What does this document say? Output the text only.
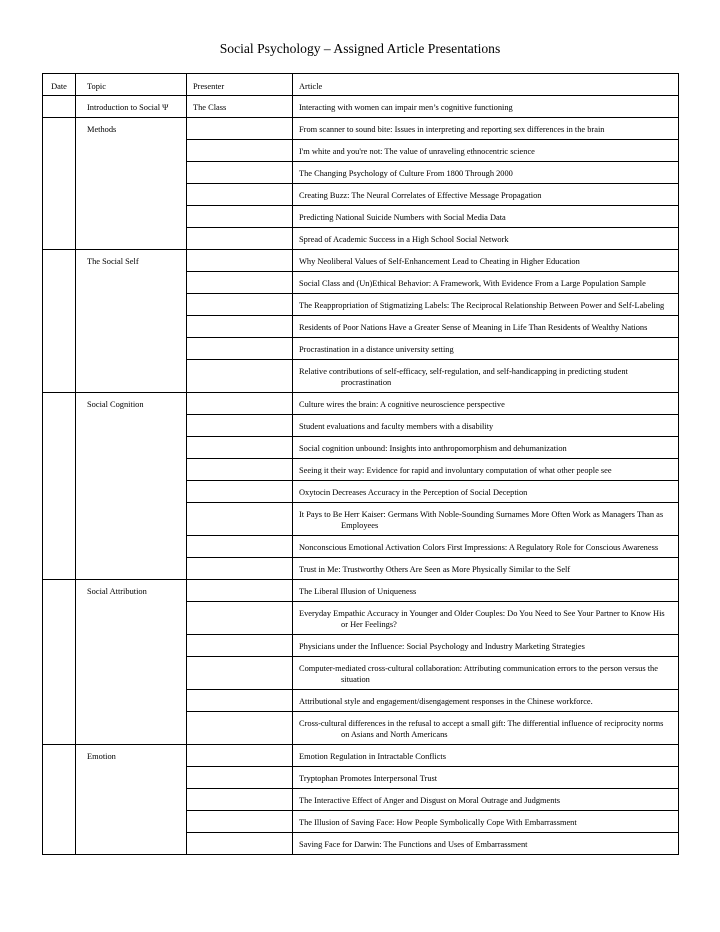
Social Psychology – Assigned Article Presentations
Date	Topic	Presenter	Article
	Introduction to Social Ψ	The Class	Interacting with women can impair men’s cognitive functioning

	Methods		From scanner to sound bite: Issues in interpreting and reporting sex differences in the brain

			I'm white and you're not: The value of unraveling ethnocentric science

			The Changing Psychology of Culture From 1800 Through 2000

			Creating Buzz: The Neural Correlates of Effective Message Propagation

			Predicting National Suicide Numbers with Social Media Data

			Spread of Academic Success in a High School Social Network

	The Social Self		Why Neoliberal Values of Self-Enhancement Lead to Cheating in Higher Education

			Social Class and (Un)Ethical Behavior: A Framework, With Evidence From a Large Population Sample

			The Reappropriation of Stigmatizing Labels: The Reciprocal Relationship Between Power and Self-Labeling

			Residents of Poor Nations Have a Greater Sense of Meaning in Life Than Residents of Wealthy Nations

			Procrastination in a distance university setting

			Relative contributions of self-efficacy, self-regulation, and self-handicapping in predicting student procrastination

	Social Cognition		Culture wires the brain: A cognitive neuroscience perspective

			Student evaluations and faculty members with a disability

			Social cognition unbound: Insights into anthropomorphism and dehumanization

			Seeing it their way: Evidence for rapid and involuntary computation of what other people see

			Oxytocin Decreases Accuracy in the Perception of Social Deception

			It Pays to Be Herr Kaiser: Germans With Noble-Sounding Surnames More Often Work as Managers Than as Employees

			Nonconscious Emotional Activation Colors First Impressions: A Regulatory Role for Conscious Awareness

			Trust in Me: Trustworthy Others Are Seen as More Physically Similar to the Self

	Social Attribution		The Liberal Illusion of Uniqueness

			Everyday Empathic Accuracy in Younger and Older Couples: Do You Need to See Your Partner to Know His or Her Feelings?

			Physicians under the Influence: Social Psychology and Industry Marketing Strategies

			Computer-mediated cross-cultural collaboration: Attributing communication errors to the person versus the situation

			Attributional style and engagement/disengagement responses in the Chinese workforce.

			Cross-cultural differences in the refusal to accept a small gift: The differential influence of reciprocity norms on Asians and North Americans

	Emotion		Emotion Regulation in Intractable Conflicts

			Tryptophan Promotes Interpersonal Trust

			The Interactive Effect of Anger and Disgust on Moral Outrage and Judgments

			The Illusion of Saving Face: How People Symbolically Cope With Embarrassment

			Saving Face for Darwin: The Functions and Uses of Embarrassment
